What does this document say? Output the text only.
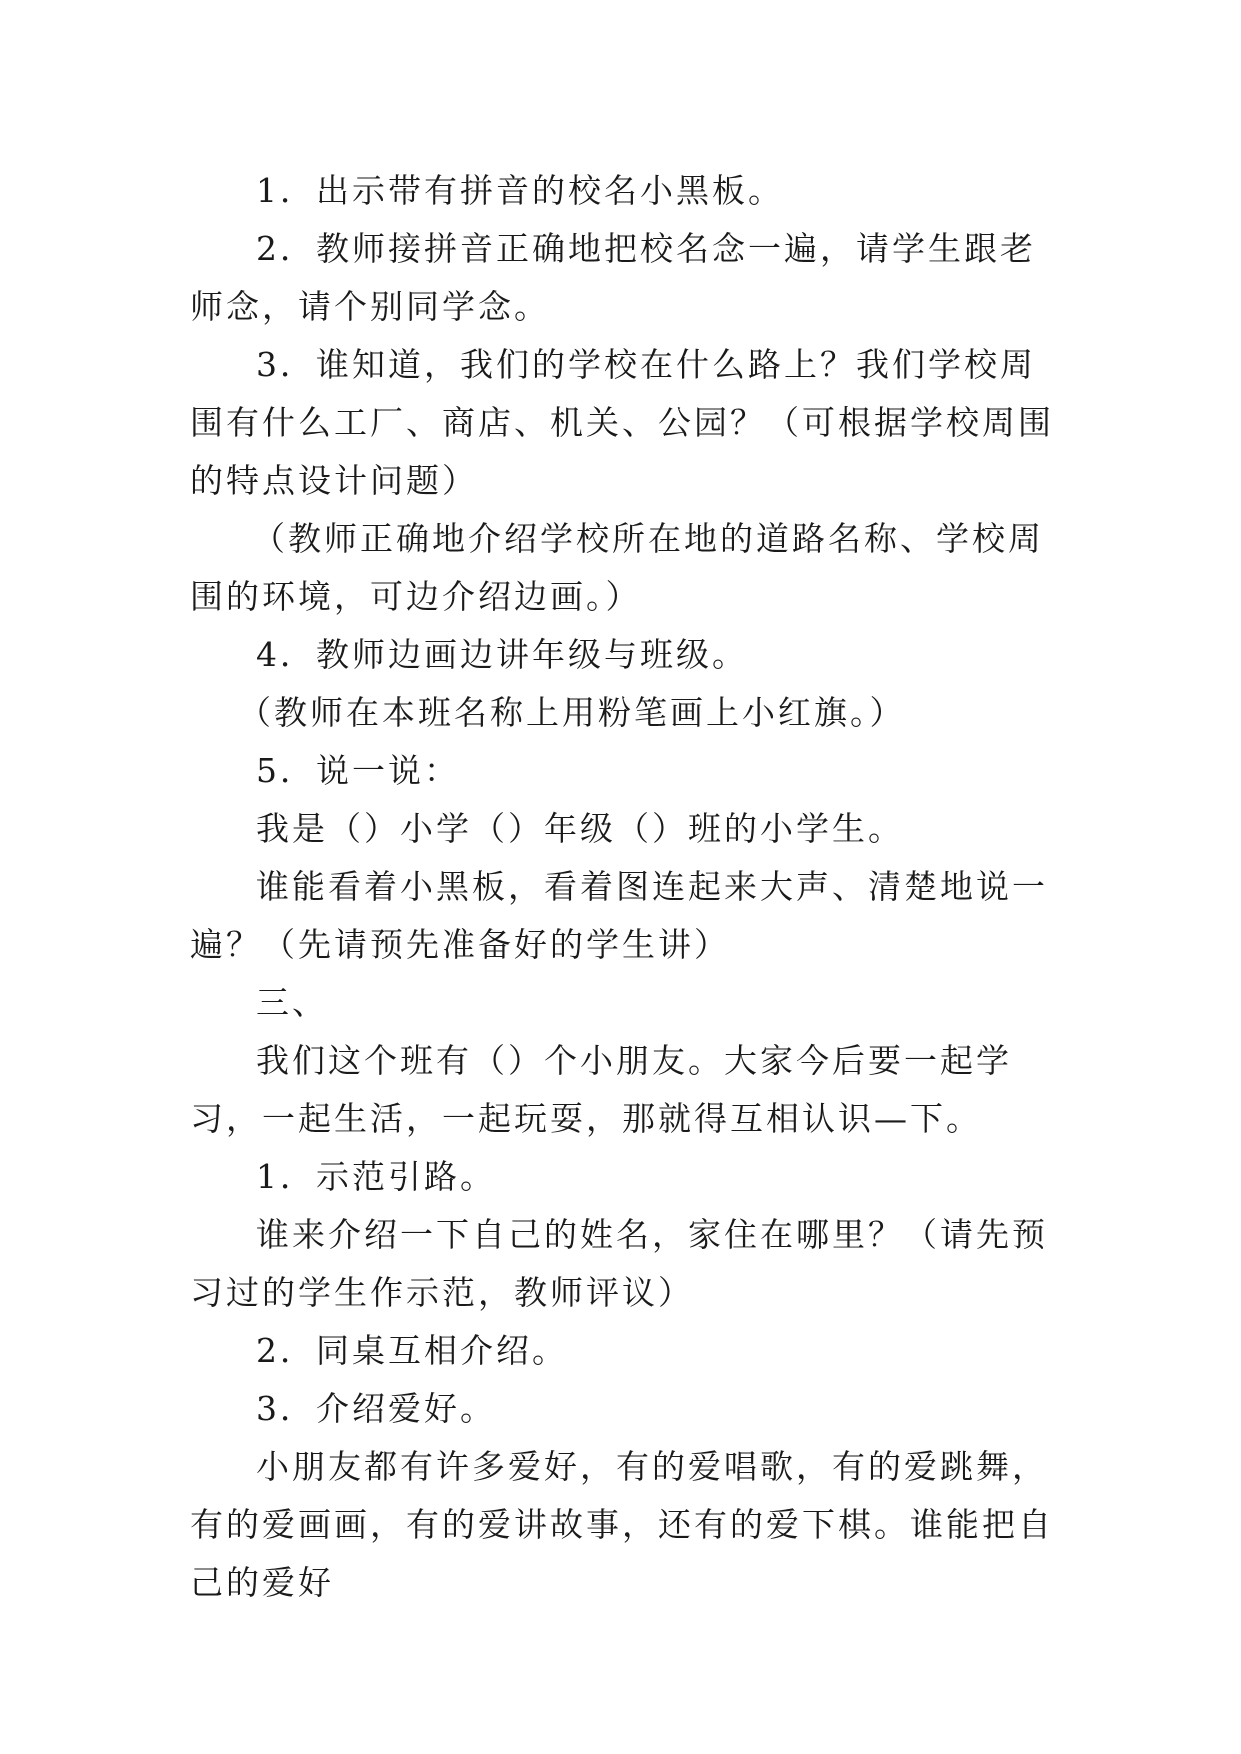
1．出示带有拼音的校名小黑板。

2．教师接拼音正确地把校名念一遍，请学生跟老师念，请个别同学念。

3．谁知道，我们的学校在什么路上？我们学校周围有什么工厂、商店、机关、公园？（可根据学校周围的特点设计问题）

（教师正确地介绍学校所在地的道路名称、学校周围的环境，可边介绍边画。）

4．教师边画边讲年级与班级。

（教师在本班名称上用粉笔画上小红旗。）

5．说一说：

我是（）小学（）年级（）班的小学生。

谁能看着小黑板，看着图连起来大声、清楚地说一遍？（先请预先准备好的学生讲）

三、

我们这个班有（）个小朋友。大家今后要一起学习，一起生活，一起玩耍，那就得互相认识—下。

1．示范引路。

谁来介绍一下自己的姓名，家住在哪里？（请先预习过的学生作示范，教师评议）

2．同桌互相介绍。

3．介绍爱好。

小朋友都有许多爱好，有的爱唱歌，有的爱跳舞，有的爱画画，有的爱讲故事，还有的爱下棋。谁能把自己的爱好
